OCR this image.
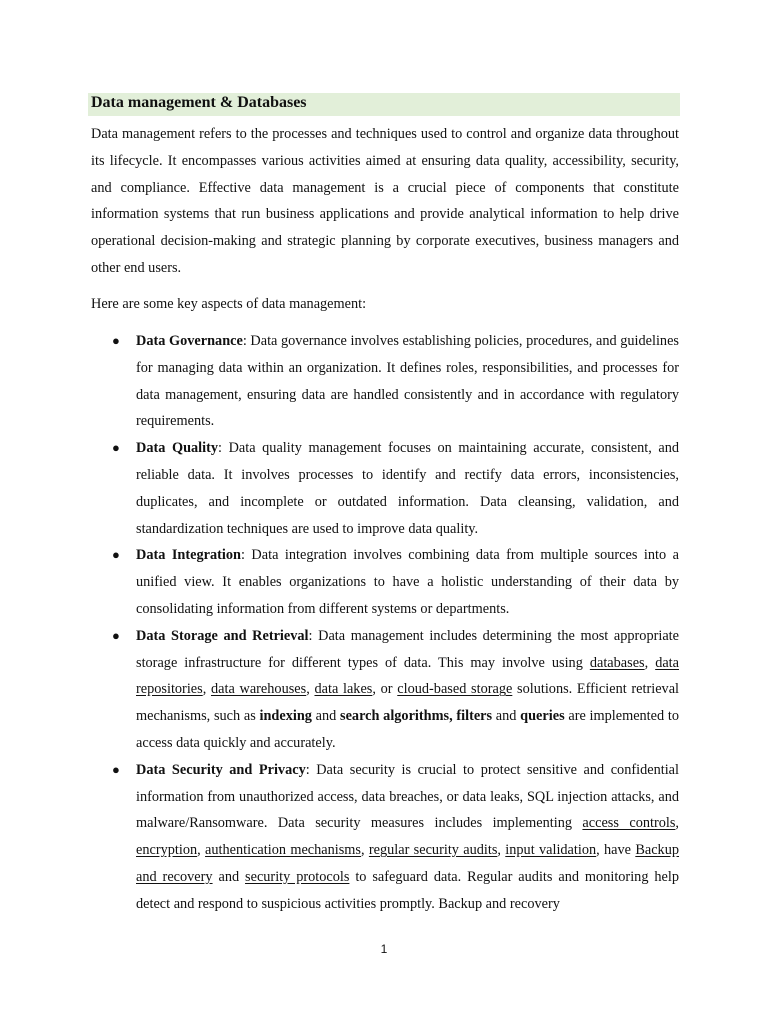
Data management & Databases

Data management refers to the processes and techniques used to control and organize data throughout its lifecycle. It encompasses various activities aimed at ensuring data quality, accessibility, security, and compliance. Effective data management is a crucial piece of components that constitute information systems that run business applications and provide analytical information to help drive operational decision-making and strategic planning by corporate executives, business managers and other end users.

Here are some key aspects of data management:

● Data Governance: Data governance involves establishing policies, procedures, and guidelines for managing data within an organization. It defines roles, responsibilities, and processes for data management, ensuring data are handled consistently and in accordance with regulatory requirements.
● Data Quality: Data quality management focuses on maintaining accurate, consistent, and reliable data. It involves processes to identify and rectify data errors, inconsistencies, duplicates, and incomplete or outdated information. Data cleansing, validation, and standardization techniques are used to improve data quality.
● Data Integration: Data integration involves combining data from multiple sources into a unified view. It enables organizations to have a holistic understanding of their data by consolidating information from different systems or departments.
● Data Storage and Retrieval: Data management includes determining the most appropriate storage infrastructure for different types of data. This may involve using databases, data repositories, data warehouses, data lakes, or cloud-based storage solutions. Efficient retrieval mechanisms, such as indexing and search algorithms, filters and queries are implemented to access data quickly and accurately.
● Data Security and Privacy: Data security is crucial to protect sensitive and confidential information from unauthorized access, data breaches, or data leaks, SQL injection attacks, and malware/Ransomware. Data security measures includes implementing access controls, encryption, authentication mechanisms, regular security audits, input validation, have Backup and recovery and security protocols to safeguard data. Regular audits and monitoring help detect and respond to suspicious activities promptly. Backup and recovery
1
